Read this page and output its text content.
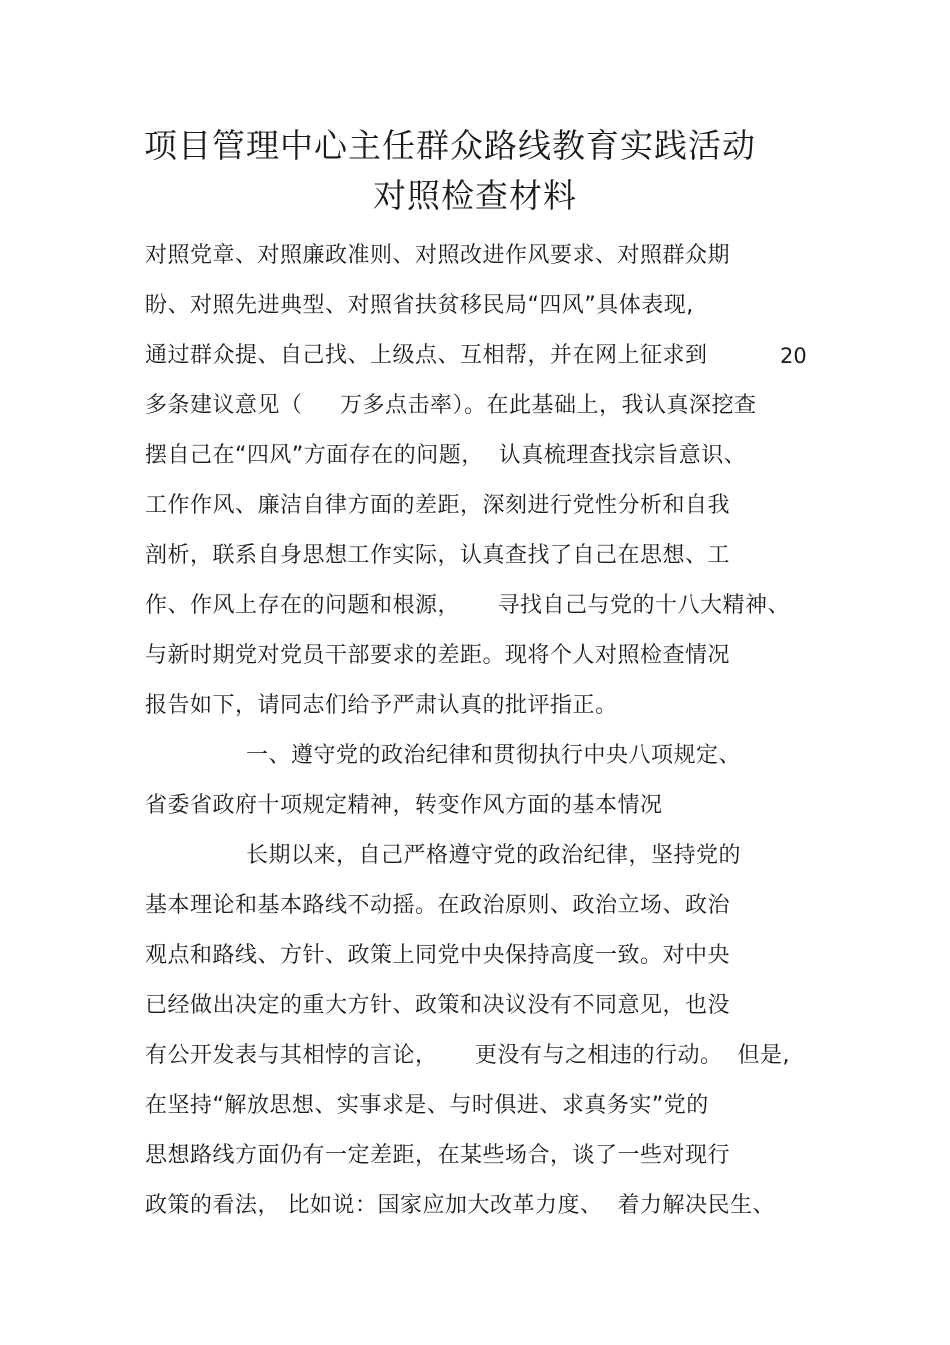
项目管理中心主任群众路线教育实践活动
对照检查材料
对照党章、对照廉政准则、对照改进作风要求、对照群众期
盼、对照先进典型、对照省扶贫移民局“四风”具体表现,
通过群众提、自己找、上级点、互相帮，并在网上征求到	20
多条建议意见（     万多点击率）。在此基础上，我认真深挖查
摆自己在“四风”方面存在的问题，  认真梳理查找宗旨意识、
工作作风、廉洁自律方面的差距，深刻进行党性分析和自我
剖析，联系自身思想工作实际，认真查找了自己在思想、工
作、作风上存在的问题和根源，     寻找自己与党的十八大精神、
与新时期党对党员干部要求的差距。现将个人对照检查情况
报告如下，请同志们给予严肃认真的批评指正。
一、遵守党的政治纪律和贯彻执行中央八项规定、
省委省政府十项规定精神，转变作风方面的基本情况
长期以来，自己严格遵守党的政治纪律，坚持党的
基本理论和基本路线不动摇。在政治原则、政治立场、政治
观点和路线、方针、政策上同党中央保持高度一致。对中央
已经做出决定的重大方针、政策和决议没有不同意见，也没
有公开发表与其相悖的言论，     更没有与之相违的行动。  但是,
在坚持“解放思想、实事求是、与时俱进、求真务实”党的
思想路线方面仍有一定差距，在某些场合，谈了一些对现行
政策的看法， 比如说：国家应加大改革力度、  着力解决民生、
